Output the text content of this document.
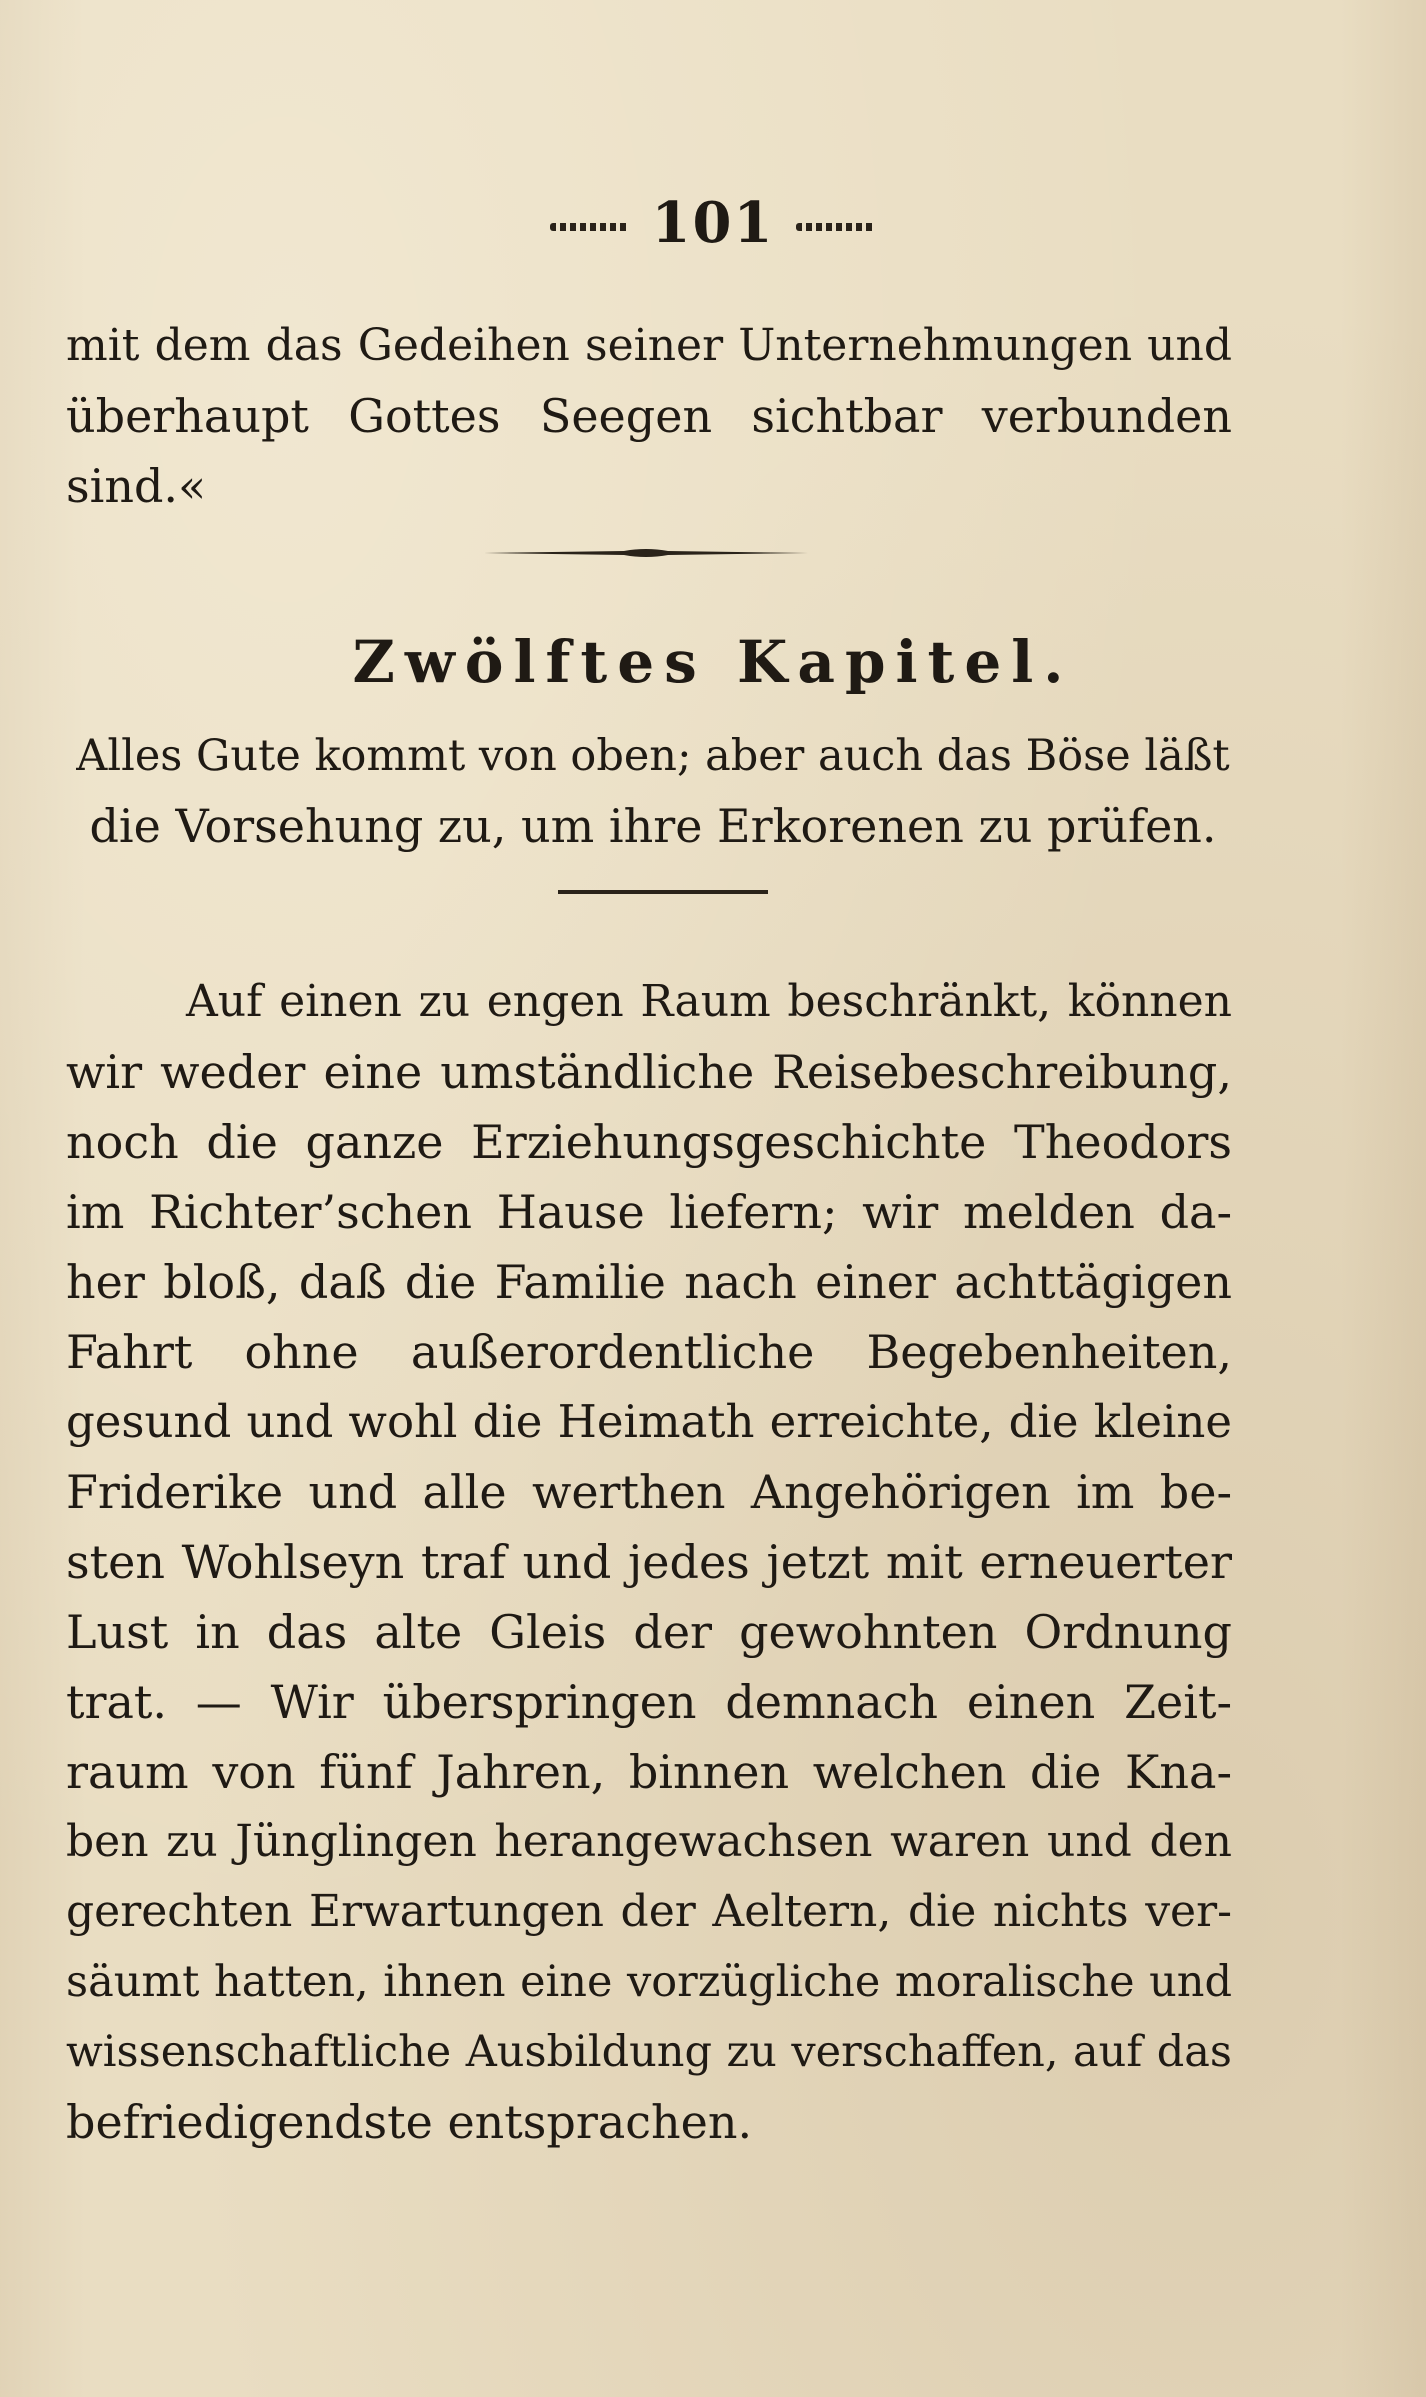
101
mit dem das Gedeihen seiner Unternehmungen und
überhaupt Gottes Seegen sichtbar verbunden
sind.«
Zwölftes Kapitel.
Alles Gute kommt von oben; aber auch das Böse läßt
die Vorsehung zu, um ihre Erkorenen zu prüfen.
Auf einen zu engen Raum beschränkt, können
wir weder eine umständliche Reisebeschreibung,
noch die ganze Erziehungsgeschichte Theodors
im Richter’schen Hause liefern; wir melden da-
her bloß, daß die Familie nach einer achttägigen
Fahrt ohne außerordentliche Begebenheiten,
gesund und wohl die Heimath erreichte, die kleine
Friderike und alle werthen Angehörigen im be-
sten Wohlseyn traf und jedes jetzt mit erneuerter
Lust in das alte Gleis der gewohnten Ordnung
trat. — Wir überspringen demnach einen Zeit-
raum von fünf Jahren, binnen welchen die Kna-
ben zu Jünglingen herangewachsen waren und den
gerechten Erwartungen der Aeltern, die nichts ver-
säumt hatten, ihnen eine vorzügliche moralische und
wissenschaftliche Ausbildung zu verschaffen, auf das
befriedigendste entsprachen.
